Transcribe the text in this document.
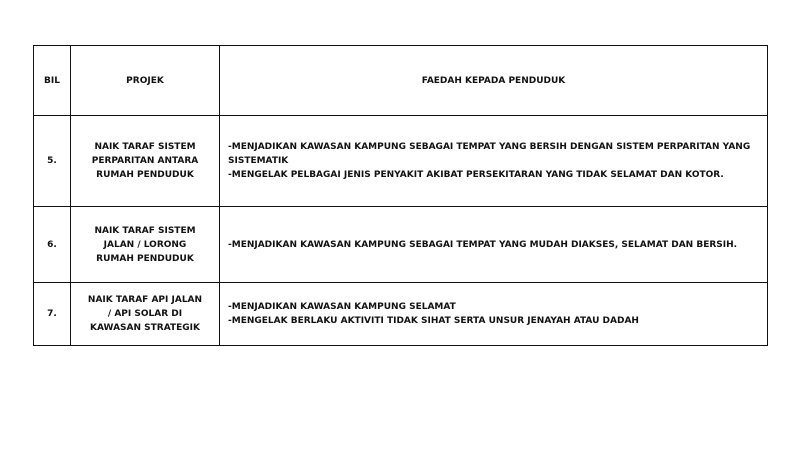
BIL	PROJEK	FAEDAH KEPADA PENDUDUK
5.	NAIK TARAF SISTEM
PERPARITAN ANTARA
RUMAH PENDUDUK	-MENJADIKAN KAWASAN KAMPUNG SEBAGAI TEMPAT YANG BERSIH DENGAN SISTEM PERPARITAN YANG SISTEMATIK
-MENGELAK PELBAGAI JENIS PENYAKIT AKIBAT PERSEKITARAN YANG TIDAK SELAMAT DAN KOTOR.

6.	NAIK TARAF SISTEM
JALAN / LORONG
RUMAH PENDUDUK	-MENJADIKAN KAWASAN KAMPUNG SEBAGAI TEMPAT YANG MUDAH DIAKSES, SELAMAT DAN BERSIH.

7.	NAIK TARAF API JALAN
/ API SOLAR DI
KAWASAN STRATEGIK	-MENJADIKAN KAWASAN KAMPUNG SELAMAT
-MENGELAK BERLAKU AKTIVITI TIDAK SIHAT SERTA UNSUR JENAYAH ATAU DADAH
